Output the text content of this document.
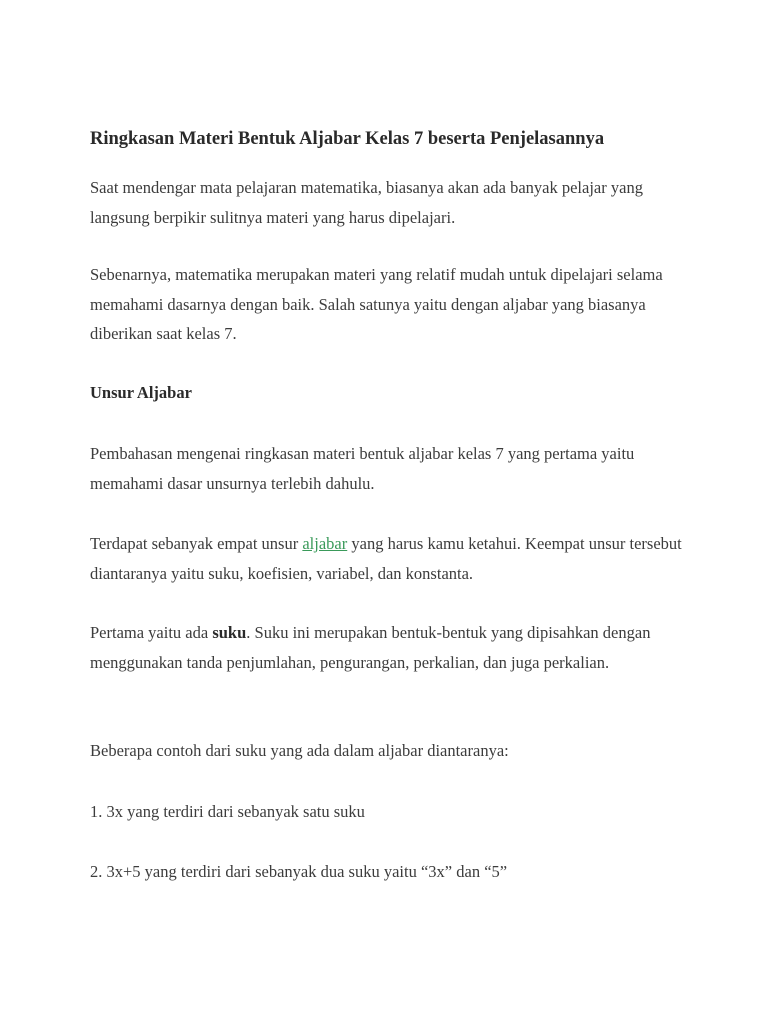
Ringkasan Materi Bentuk Aljabar Kelas 7 beserta Penjelasannya

Saat mendengar mata pelajaran matematika, biasanya akan ada banyak pelajar yang langsung berpikir sulitnya materi yang harus dipelajari.

Sebenarnya, matematika merupakan materi yang relatif mudah untuk dipelajari selama memahami dasarnya dengan baik. Salah satunya yaitu dengan aljabar yang biasanya diberikan saat kelas 7.

Unsur Aljabar

Pembahasan mengenai ringkasan materi bentuk aljabar kelas 7 yang pertama yaitu memahami dasar unsurnya terlebih dahulu.

Terdapat sebanyak empat unsur aljabar yang harus kamu ketahui. Keempat unsur tersebut diantaranya yaitu suku, koefisien, variabel, dan konstanta.

Pertama yaitu ada suku. Suku ini merupakan bentuk-bentuk yang dipisahkan dengan menggunakan tanda penjumlahan, pengurangan, perkalian, dan juga perkalian.

Beberapa contoh dari suku yang ada dalam aljabar diantaranya:

1. 3x yang terdiri dari sebanyak satu suku

2. 3x+5 yang terdiri dari sebanyak dua suku yaitu “3x” dan “5”
